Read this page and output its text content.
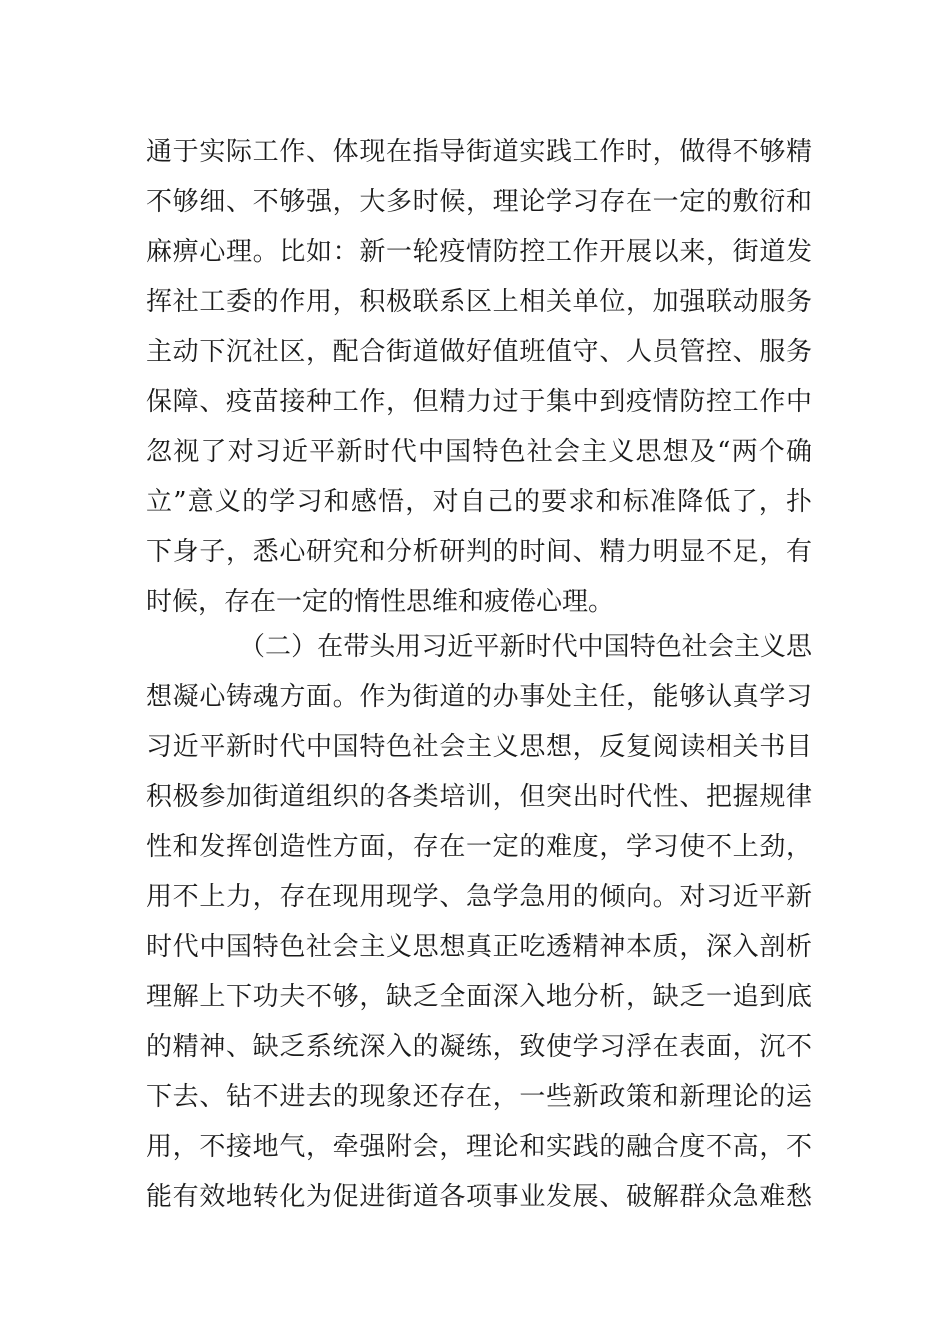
通于实际工作、体现在指导街道实践工作时，做得不够精
不够细、不够强，大多时候，理论学习存在一定的敷衍和
麻痹心理。比如：新一轮疫情防控工作开展以来，街道发
挥社工委的作用，积极联系区上相关单位，加强联动服务
主动下沉社区，配合街道做好值班值守、人员管控、服务
保障、疫苗接种工作，但精力过于集中到疫情防控工作中
忽视了对习近平新时代中国特色社会主义思想及“两个确
立”意义的学习和感悟，对自己的要求和标准降低了，扑
下身子，悉心研究和分析研判的时间、精力明显不足，有
时候，存在一定的惰性思维和疲倦心理。
（二）在带头用习近平新时代中国特色社会主义思
想凝心铸魂方面。作为街道的办事处主任，能够认真学习
习近平新时代中国特色社会主义思想，反复阅读相关书目
积极参加街道组织的各类培训，但突出时代性、把握规律
性和发挥创造性方面，存在一定的难度，学习使不上劲，
用不上力，存在现用现学、急学急用的倾向。对习近平新
时代中国特色社会主义思想真正吃透精神本质，深入剖析
理解上下功夫不够，缺乏全面深入地分析，缺乏一追到底
的精神、缺乏系统深入的凝练，致使学习浮在表面，沉不
下去、钻不进去的现象还存在，一些新政策和新理论的运
用，不接地气，牵强附会，理论和实践的融合度不高，不
能有效地转化为促进街道各项事业发展、破解群众急难愁
